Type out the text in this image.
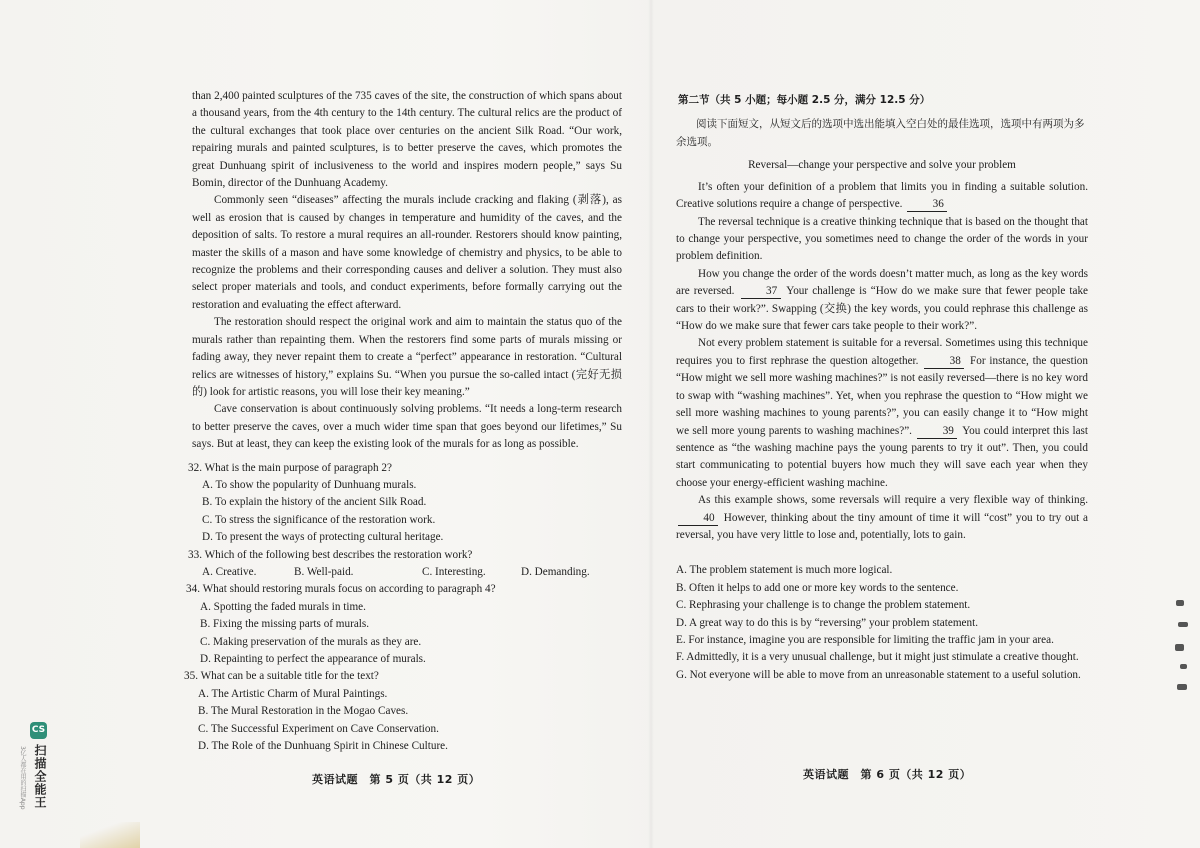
than 2,400 painted sculptures of the 735 caves of the site, the construction of which spans about a thousand years, from the 4th century to the 14th century. The cultural relics are the product of the cultural exchanges that took place over centuries on the ancient Silk Road. “Our work, repairing murals and painted sculptures, is to better preserve the caves, which promotes the great Dunhuang spirit of inclusiveness to the world and inspires modern people,” says Su Bomin, director of the Dunhuang Academy.

Commonly seen “diseases” affecting the murals include cracking and flaking (剥落), as well as erosion that is caused by changes in temperature and humidity of the caves, and the deposition of salts. To restore a mural requires an all-rounder. Restorers should know painting, master the skills of a mason and have some knowledge of chemistry and physics, to be able to recognize the problems and their corresponding causes and deliver a solution. They must also select proper materials and tools, and conduct experiments, before formally carrying out the restoration and evaluating the effect afterward.

The restoration should respect the original work and aim to maintain the status quo of the murals rather than repainting them. When the restorers find some parts of murals missing or fading away, they never repaint them to create a “perfect” appearance in restoration. “Cultural relics are witnesses of history,” explains Su. “When you pursue the so-called intact (完好无损的) look for artistic reasons, you will lose their key meaning.”

Cave conservation is about continuously solving problems. “It needs a long-term research to better preserve the caves, over a much wider time span that goes beyond our lifetimes,” Su says. But at least, they can keep the existing look of the murals for as long as possible.

32. What is the main purpose of paragraph 2?

A. To show the popularity of Dunhuang murals.

B. To explain the history of the ancient Silk Road.

C. To stress the significance of the restoration work.

D. To present the ways of protecting cultural heritage.

33. Which of the following best describes the restoration work?

A. Creative.	B. Well-paid.	C. Interesting.	D. Demanding.

34. What should restoring murals focus on according to paragraph 4?

A. Spotting the faded murals in time.

B. Fixing the missing parts of murals.

C. Making preservation of the murals as they are.

D. Repainting to perfect the appearance of murals.

35. What can be a suitable title for the text?

A. The Artistic Charm of Mural Paintings.

B. The Mural Restoration in the Mogao Caves.

C. The Successful Experiment on Cave Conservation.

D. The Role of the Dunhuang Spirit in Chinese Culture.

英语试题　第 5 页（共 12 页）

第二节（共 5 小题；每小题 2.5 分，满分 12.5 分）

阅读下面短文，从短文后的选项中选出能填入空白处的最佳选项，选项中有两项为多余选项。

Reversal—change your perspective and solve your problem

It’s often your definition of a problem that limits you in finding a suitable solution. Creative solutions require a change of perspective.	36

The reversal technique is a creative thinking technique that is based on the thought that to change your perspective, you sometimes need to change the order of the words in your problem definition.

How you change the order of the words doesn’t matter much, as long as the key words are reversed.	37 Your challenge is “How do we make sure that fewer people take cars to their work?”. Swapping (交换) the key words, you could rephrase this challenge as “How do we make sure that fewer cars take people to their work?”.

Not every problem statement is suitable for a reversal. Sometimes using this technique requires you to first rephrase the question altogether.	38 For instance, the question “How might we sell more washing machines?” is not easily reversed—there is no key word to swap with “washing machines”. Yet, when you rephrase the question to “How might we sell more washing machines to young parents?”, you can easily change it to “How might we sell more young parents to washing machines?”.	39 You could interpret this last sentence as “the washing machine pays the young parents to try it out”. Then, you could start communicating to potential buyers how much they will save each year when they choose your energy-efficient washing machine.

As this example shows, some reversals will require a very flexible way of thinking. 40 However, thinking about the tiny amount of time it will “cost” you to try out a reversal, you have very little to lose and, potentially, lots to gain.

A. The problem statement is much more logical.

B. Often it helps to add one or more key words to the sentence.

C. Rephrasing your challenge is to change the problem statement.

D. A great way to do this is by “reversing” your problem statement.

E. For instance, imagine you are responsible for limiting the traffic jam in your area.

F. Admittedly, it is a very unusual challenge, but it might just stimulate a creative thought.

G. Not everyone will be able to move from an unreasonable statement to a useful solution.

英语试题　第 6 页（共 12 页）
CS
扫描全能王
3亿人都在用的扫描App
